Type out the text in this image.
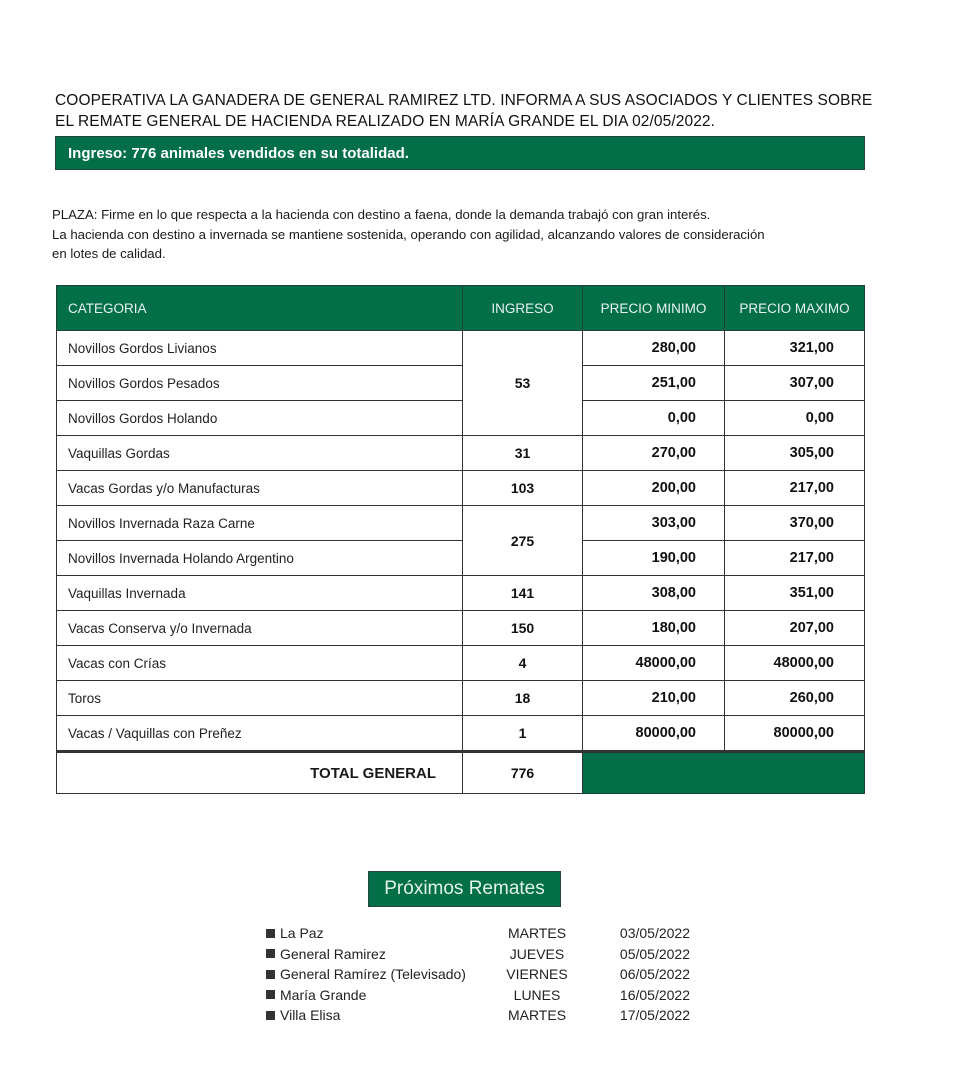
COOPERATIVA LA GANADERA DE GENERAL RAMIREZ LTD. INFORMA A SUS ASOCIADOS Y CLIENTES SOBRE
EL REMATE GENERAL DE HACIENDA REALIZADO EN MARÍA GRANDE EL DIA 02/05/2022.
Ingreso: 776 animales vendidos en su totalidad.
PLAZA: Firme en lo que respecta a la hacienda con destino a faena, donde la demanda trabajó con gran interés.
La hacienda con destino a invernada se mantiene sostenida, operando con agilidad, alcanzando valores de consideración
en lotes de calidad.
CATEGORIA	INGRESO	PRECIO MINIMO	PRECIO MAXIMO
Novillos Gordos Livianos	53	280,00	321,00
Novillos Gordos Pesados		251,00	307,00
Novillos Gordos Holando		0,00	0,00
Vaquillas Gordas	31	270,00	305,00
Vacas Gordas y/o Manufacturas	103	200,00	217,00
Novillos Invernada Raza Carne	275	303,00	370,00
Novillos Invernada Holando Argentino		190,00	217,00
Vaquillas Invernada	141	308,00	351,00
Vacas Conserva y/o Invernada	150	180,00	207,00
Vacas con Crías	4	48000,00	48000,00
Toros	18	210,00	260,00
Vacas / Vaquillas con Preñez	1	80000,00	80000,00
TOTAL GENERAL	776		
Próximos Remates
La Paz	MARTES	03/05/2022
General Ramirez	JUEVES	05/05/2022
General Ramírez (Televisado)	VIERNES	06/05/2022
María Grande	LUNES	16/05/2022
Villa Elisa	MARTES	17/05/2022
